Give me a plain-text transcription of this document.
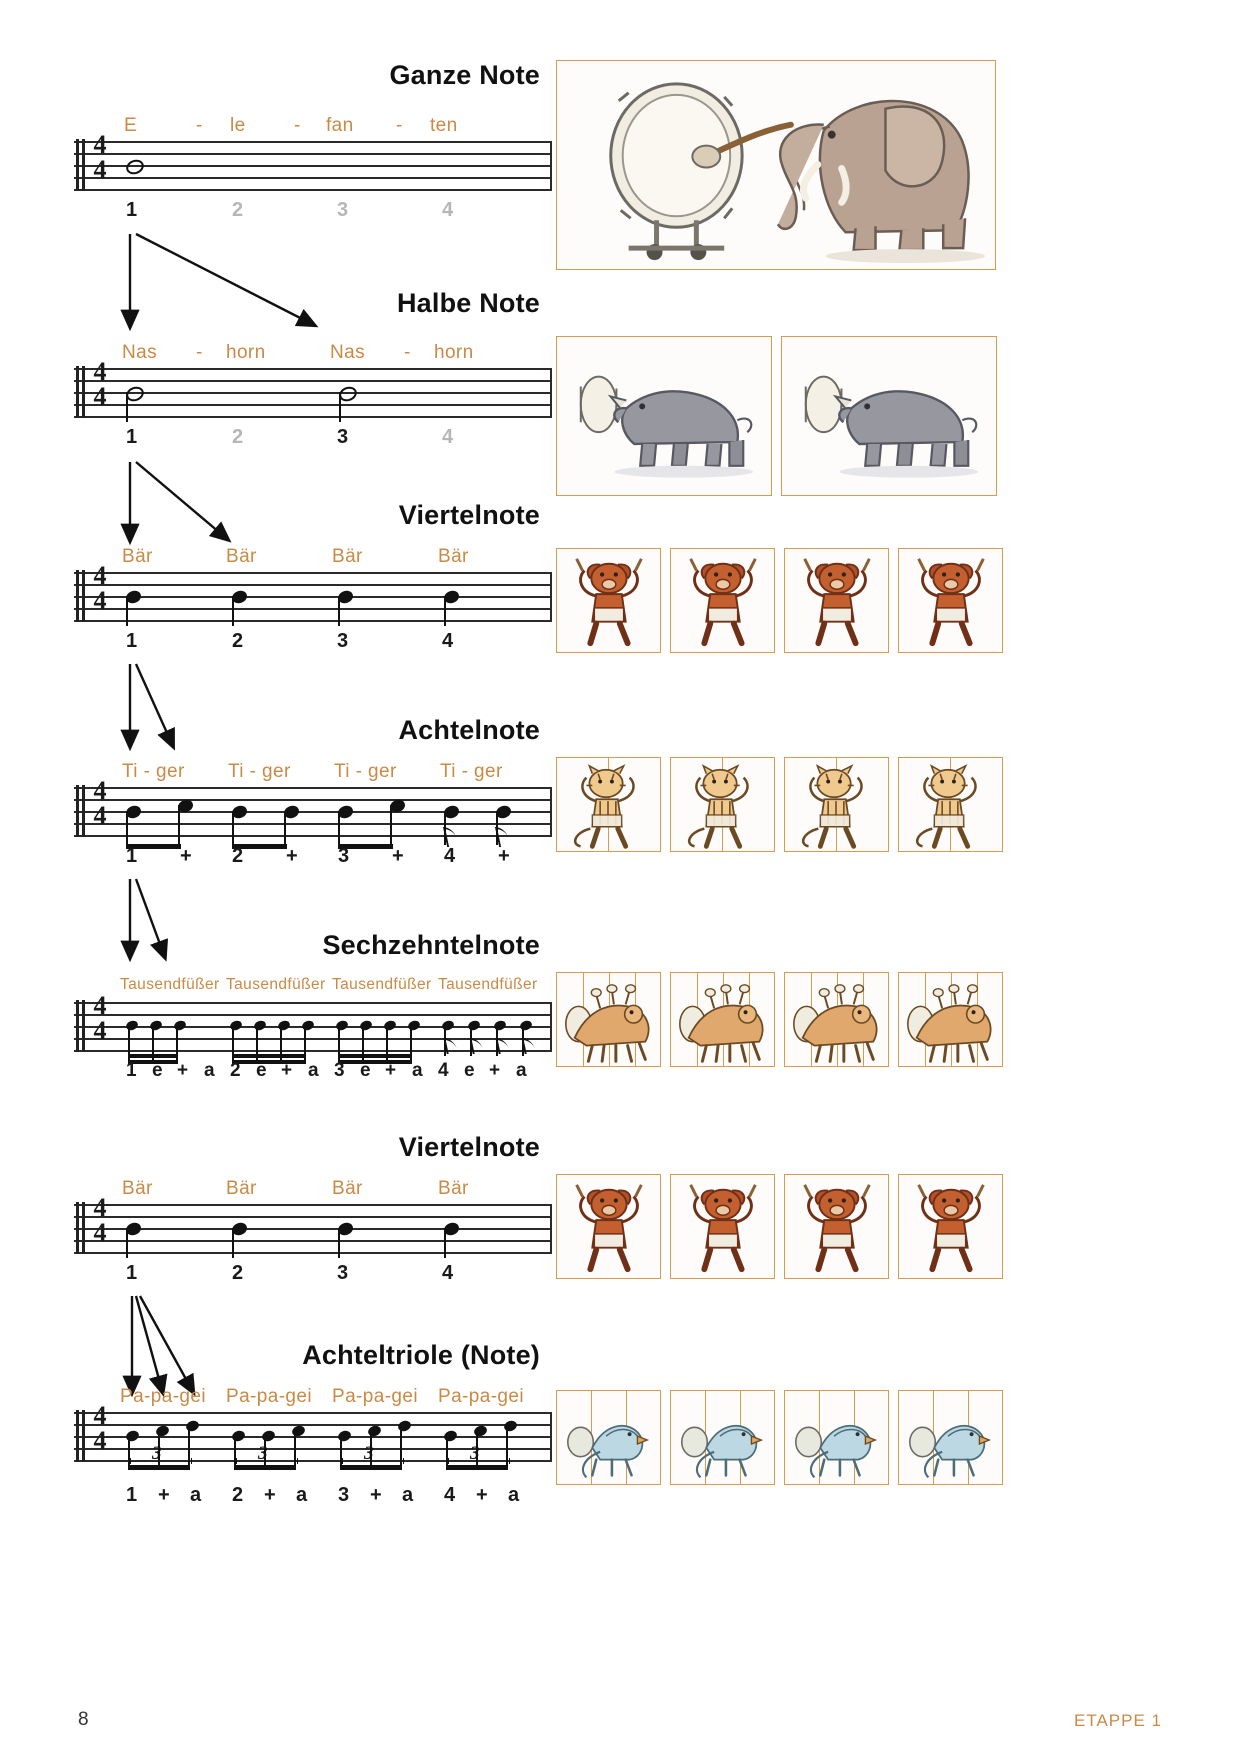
Ganze Note
E	- le	- fan - ten
4
4
1	2	3	4
Halbe Note
Nas - horn	Nas - horn
4
4
1	2	3	4
Viertelnote
Bär	Bär	Bär	Bär
4
4
1	2	3	4
Achtelnote
Ti - ger Ti - ger Ti - ger Ti - ger
4
4
1 + 2 + 3 + 4 +
Sechzehntelnote
Tausendfüßer Tausendfüßer Tausendfüßer Tausendfüßer
4
4
1 e + a 2 e + a 3 e + a 4 e + a
Viertelnote
Bär	Bär	Bär	Bär
4
4
1	2	3	4
Achteltriole (Note)
Pa-pa-gei Pa-pa-gei Pa-pa-gei Pa-pa-gei
4
4 3	3	3	3
1 + a 2 + a 3 + a 4 + a
8	ETAPPE 1
